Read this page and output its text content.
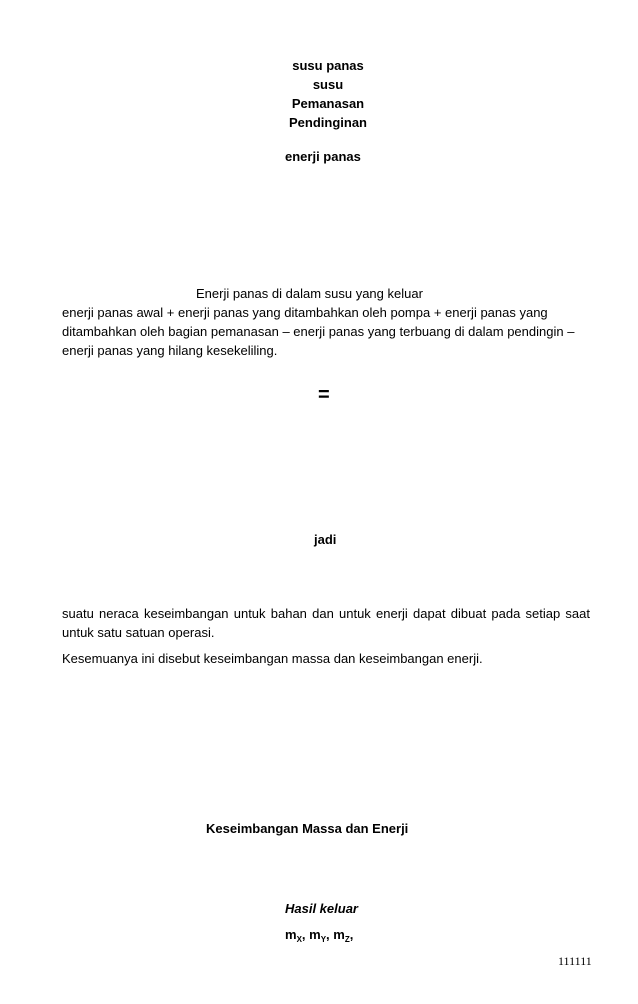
susu panas
susu
Pemanasan
Pendinginan
enerji panas
Enerji panas di dalam susu yang keluar
enerji panas awal + enerji panas yang ditambahkan oleh pompa + enerji panas yang ditambahkan oleh bagian pemanasan – enerji panas yang terbuang di dalam pendingin – enerji panas yang hilang kesekeliling.
=
jadi
suatu neraca keseimbangan untuk bahan dan untuk enerji dapat dibuat pada setiap saat untuk satu satuan operasi.
Kesemuanya ini disebut keseimbangan massa dan keseimbangan enerji.
Keseimbangan Massa dan Enerji
Hasil keluar
$m_X$, $m_Y$, $m_Z$,
111111
